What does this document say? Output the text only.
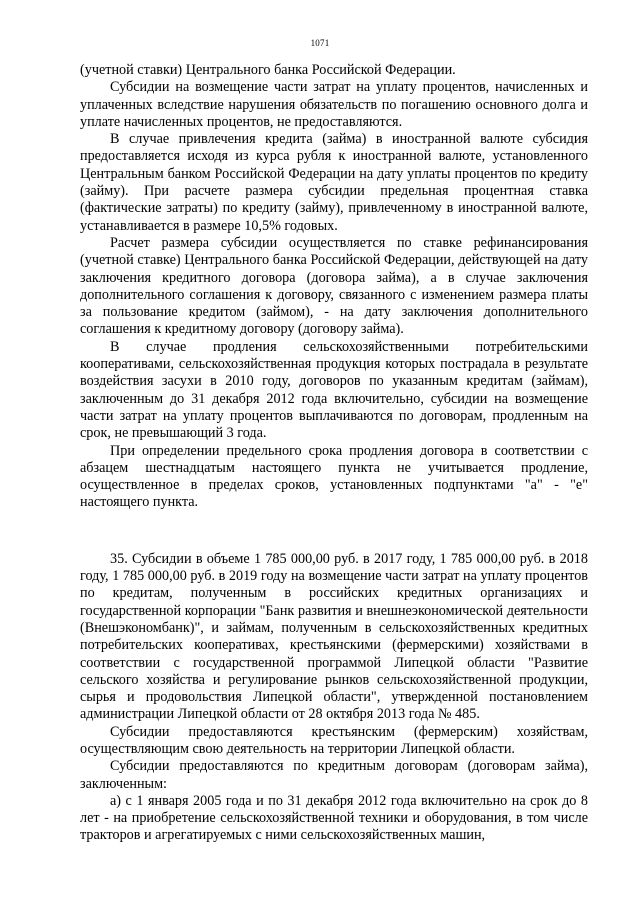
1071

(учетной ставки) Центрального банка Российской Федерации.

Субсидии на возмещение части затрат на уплату процентов, начисленных и уплаченных вследствие нарушения обязательств по погашению основного долга и уплате начисленных процентов, не предоставляются.

В случае привлечения кредита (займа) в иностранной валюте субсидия предоставляется исходя из курса рубля к иностранной валюте, установленного Центральным банком Российской Федерации на дату уплаты процентов по кредиту (займу). При расчете размера субсидии предельная процентная ставка (фактические затраты) по кредиту (займу), привлеченному в иностранной валюте, устанавливается в размере 10,5% годовых.

Расчет размера субсидии осуществляется по ставке рефинансирования (учетной ставке) Центрального банка Российской Федерации, действующей на дату заключения кредитного договора (договора займа), а в случае заключения дополнительного соглашения к договору, связанного с изменением размера платы за пользование кредитом (займом), - на дату заключения дополнительного соглашения к кредитному договору (договору займа).

В случае продления сельскохозяйственными потребительскими кооперативами, сельскохозяйственная продукция которых пострадала в результате воздействия засухи в 2010 году, договоров по указанным кредитам (займам), заключенным до 31 декабря 2012 года включительно, субсидии на возмещение части затрат на уплату процентов выплачиваются по договорам, продленным на срок, не превышающий 3 года.

При определении предельного срока продления договора в соответствии с абзацем шестнадцатым настоящего пункта не учитывается продление, осуществленное в пределах сроков, установленных подпунктами "а" - "е" настоящего пункта.

35. Субсидии в объеме 1 785 000,00 руб. в 2017 году, 1 785 000,00 руб. в 2018 году, 1 785 000,00 руб. в 2019 году на возмещение части затрат на уплату процентов по кредитам, полученным в российских кредитных организациях и государственной корпорации "Банк развития и внешнеэкономической деятельности (Внешэкономбанк)", и займам, полученным в сельскохозяйственных кредитных потребительских кооперативах, крестьянскими (фермерскими) хозяйствами в соответствии с государственной программой Липецкой области "Развитие сельского хозяйства и регулирование рынков сельскохозяйственной продукции, сырья и продовольствия Липецкой области", утвержденной постановлением администрации Липецкой области от 28 октября 2013 года № 485.

Субсидии предоставляются крестьянским (фермерским) хозяйствам, осуществляющим свою деятельность на территории Липецкой области.

Субсидии предоставляются по кредитным договорам (договорам займа), заключенным:

а) с 1 января 2005 года и по 31 декабря 2012 года включительно на срок до 8 лет - на приобретение сельскохозяйственной техники и оборудования, в том числе тракторов и агрегатируемых с ними сельскохозяйственных машин,
